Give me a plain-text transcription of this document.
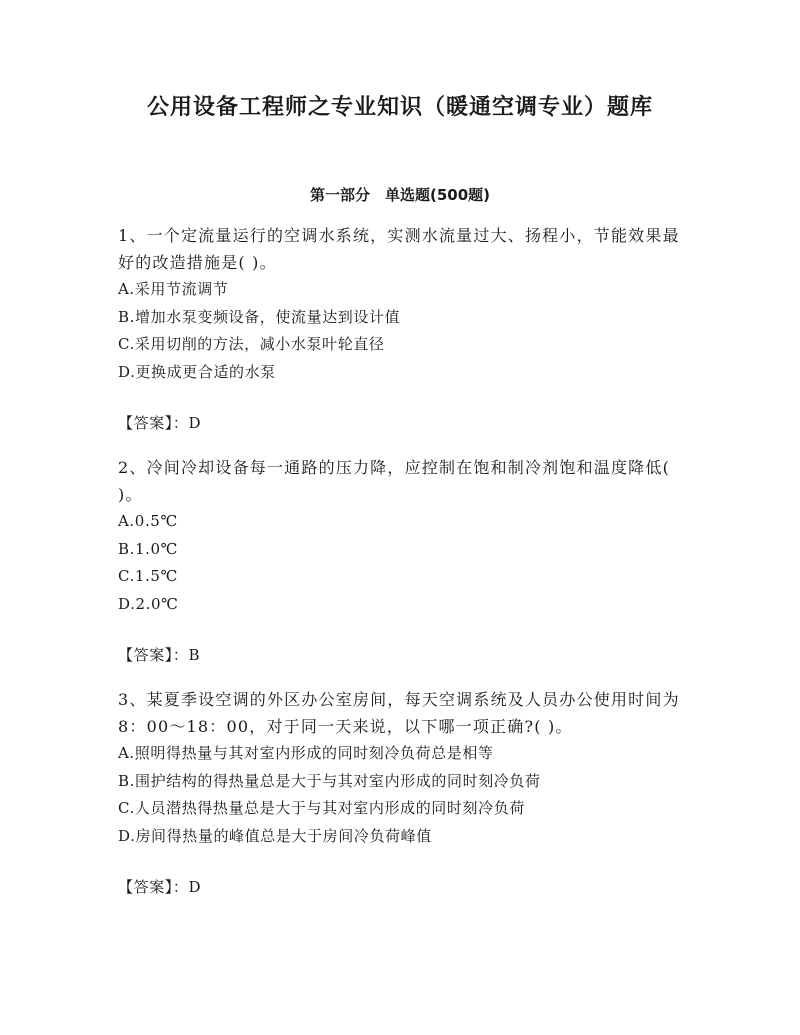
公用设备工程师之专业知识（暖通空调专业）题库
第一部分　单选题(500题)

1、一个定流量运行的空调水系统，实测水流量过大、扬程小，节能效果最好的改造措施是( )。

A.采用节流调节

B.增加水泵变频设备，使流量达到设计值

C.采用切削的方法，减小水泵叶轮直径

D.更换成更合适的水泵

【答案】：D

2、冷间冷却设备每一通路的压力降，应控制在饱和制冷剂饱和温度降低( )。

A.0.5℃

B.1.0℃

C.1.5℃

D.2.0℃

【答案】：B

3、某夏季设空调的外区办公室房间，每天空调系统及人员办公使用时间为8：00～18：00，对于同一天来说，以下哪一项正确?( )。

A.照明得热量与其对室内形成的同时刻冷负荷总是相等

B.围护结构的得热量总是大于与其对室内形成的同时刻冷负荷

C.人员潜热得热量总是大于与其对室内形成的同时刻冷负荷

D.房间得热量的峰值总是大于房间冷负荷峰值

【答案】：D
